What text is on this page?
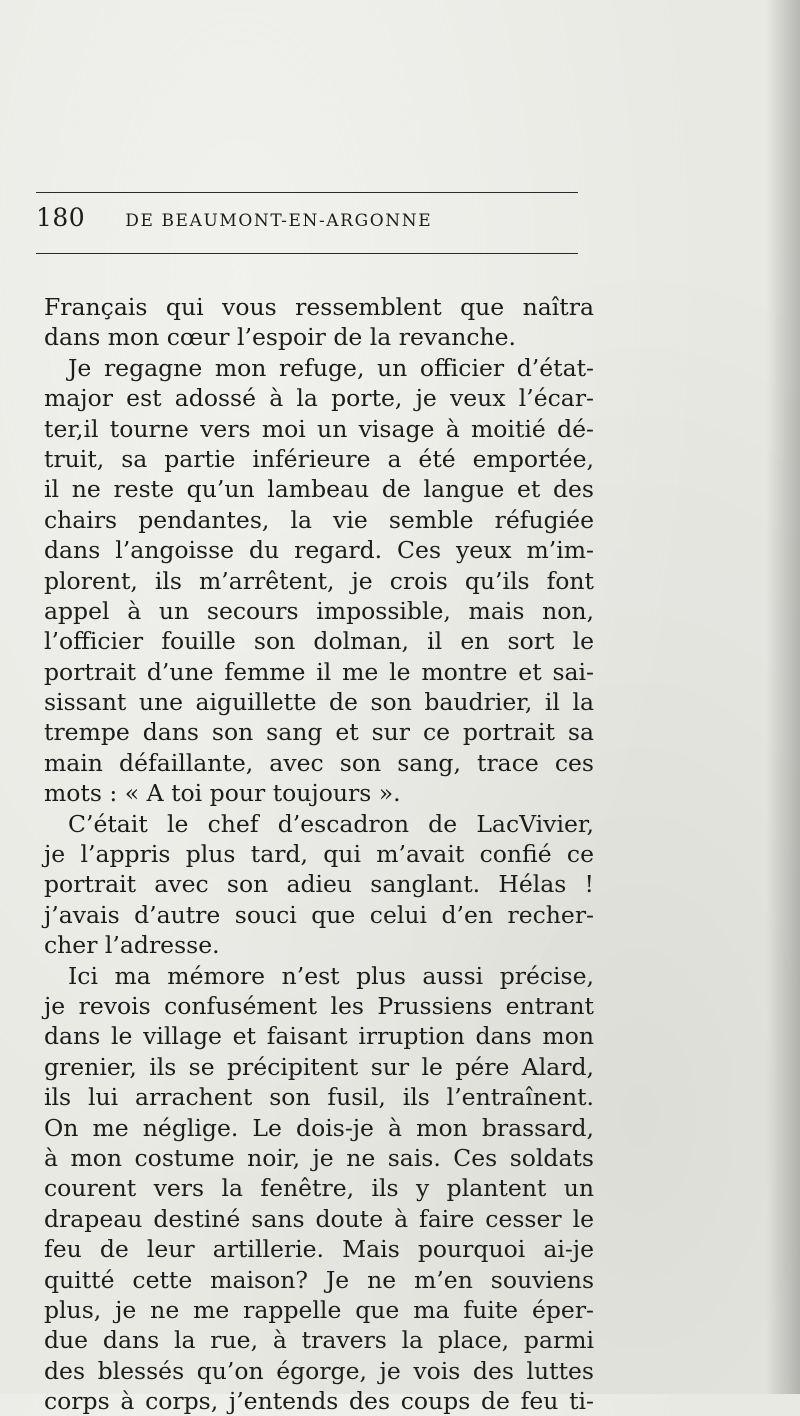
180 DE BEAUMONT-EN-ARGONNE
Français qui vous ressemblent que naîtra
dans mon cœur l’espoir de la revanche.
Je regagne mon refuge, un officier d’état-
major est adossé à la porte, je veux l’écar-
ter,il tourne vers moi un visage à moitié dé-
truit, sa partie inférieure a été emportée,
il ne reste qu’un lambeau de langue et des
chairs pendantes, la vie semble réfugiée
dans l’angoisse du regard. Ces yeux m’im-
plorent, ils m’arrêtent, je crois qu’ils font
appel à un secours impossible, mais non,
l’officier fouille son dolman, il en sort le
portrait d’une femme il me le montre et sai-
sissant une aiguillette de son baudrier, il la
trempe dans son sang et sur ce portrait sa
main défaillante, avec son sang, trace ces
mots : « A toi pour toujours ».
C’était le chef d’escadron de LacVivier,
je l’appris plus tard, qui m’avait confié ce
portrait avec son adieu sanglant. Hélas !
j’avais d’autre souci que celui d’en recher-
cher l’adresse.
Ici ma mémore n’est plus aussi précise,
je revois confusément les Prussiens entrant
dans le village et faisant irruption dans mon
grenier, ils se précipitent sur le pére Alard,
ils lui arrachent son fusil, ils l’entraînent.
On me néglige. Le dois-je à mon brassard,
à mon costume noir, je ne sais. Ces soldats
courent vers la fenêtre, ils y plantent un
drapeau destiné sans doute à faire cesser le
feu de leur artillerie. Mais pourquoi ai-je
quitté cette maison? Je ne m’en souviens
plus, je ne me rappelle que ma fuite éper-
due dans la rue, à travers la place, parmi
des blessés qu’on égorge, je vois des luttes
corps à corps, j’entends des coups de feu ti-
